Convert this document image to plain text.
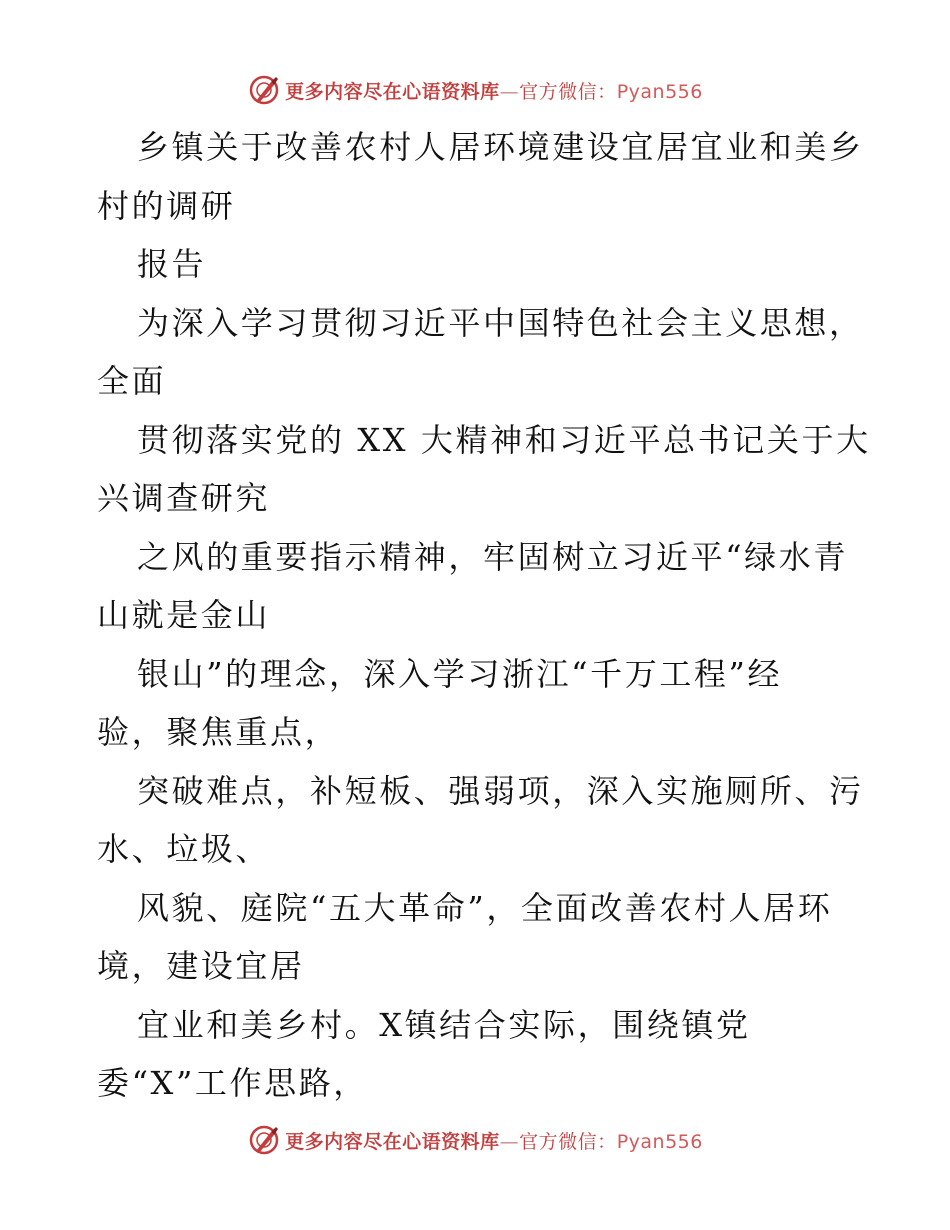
更多内容尽在心语资料库—官方微信：Pyan556
乡镇关于改善农村人居环境建设宜居宜业和美乡
村的调研
报告
为深入学习贯彻习近平中国特色社会主义思想，
全面
贯彻落实党的 XX 大精神和习近平总书记关于大
兴调查研究
之风的重要指示精神，牢固树立习近平“绿水青
山就是金山
银山”的理念，深入学习浙江“千万工程”经
验，聚焦重点，
突破难点，补短板、强弱项，深入实施厕所、污
水、垃圾、
风貌、庭院“五大革命”，全面改善农村人居环
境，建设宜居
宜业和美乡村。X镇结合实际，围绕镇党
委“X”工作思路，
更多内容尽在心语资料库—官方微信：Pyan556
